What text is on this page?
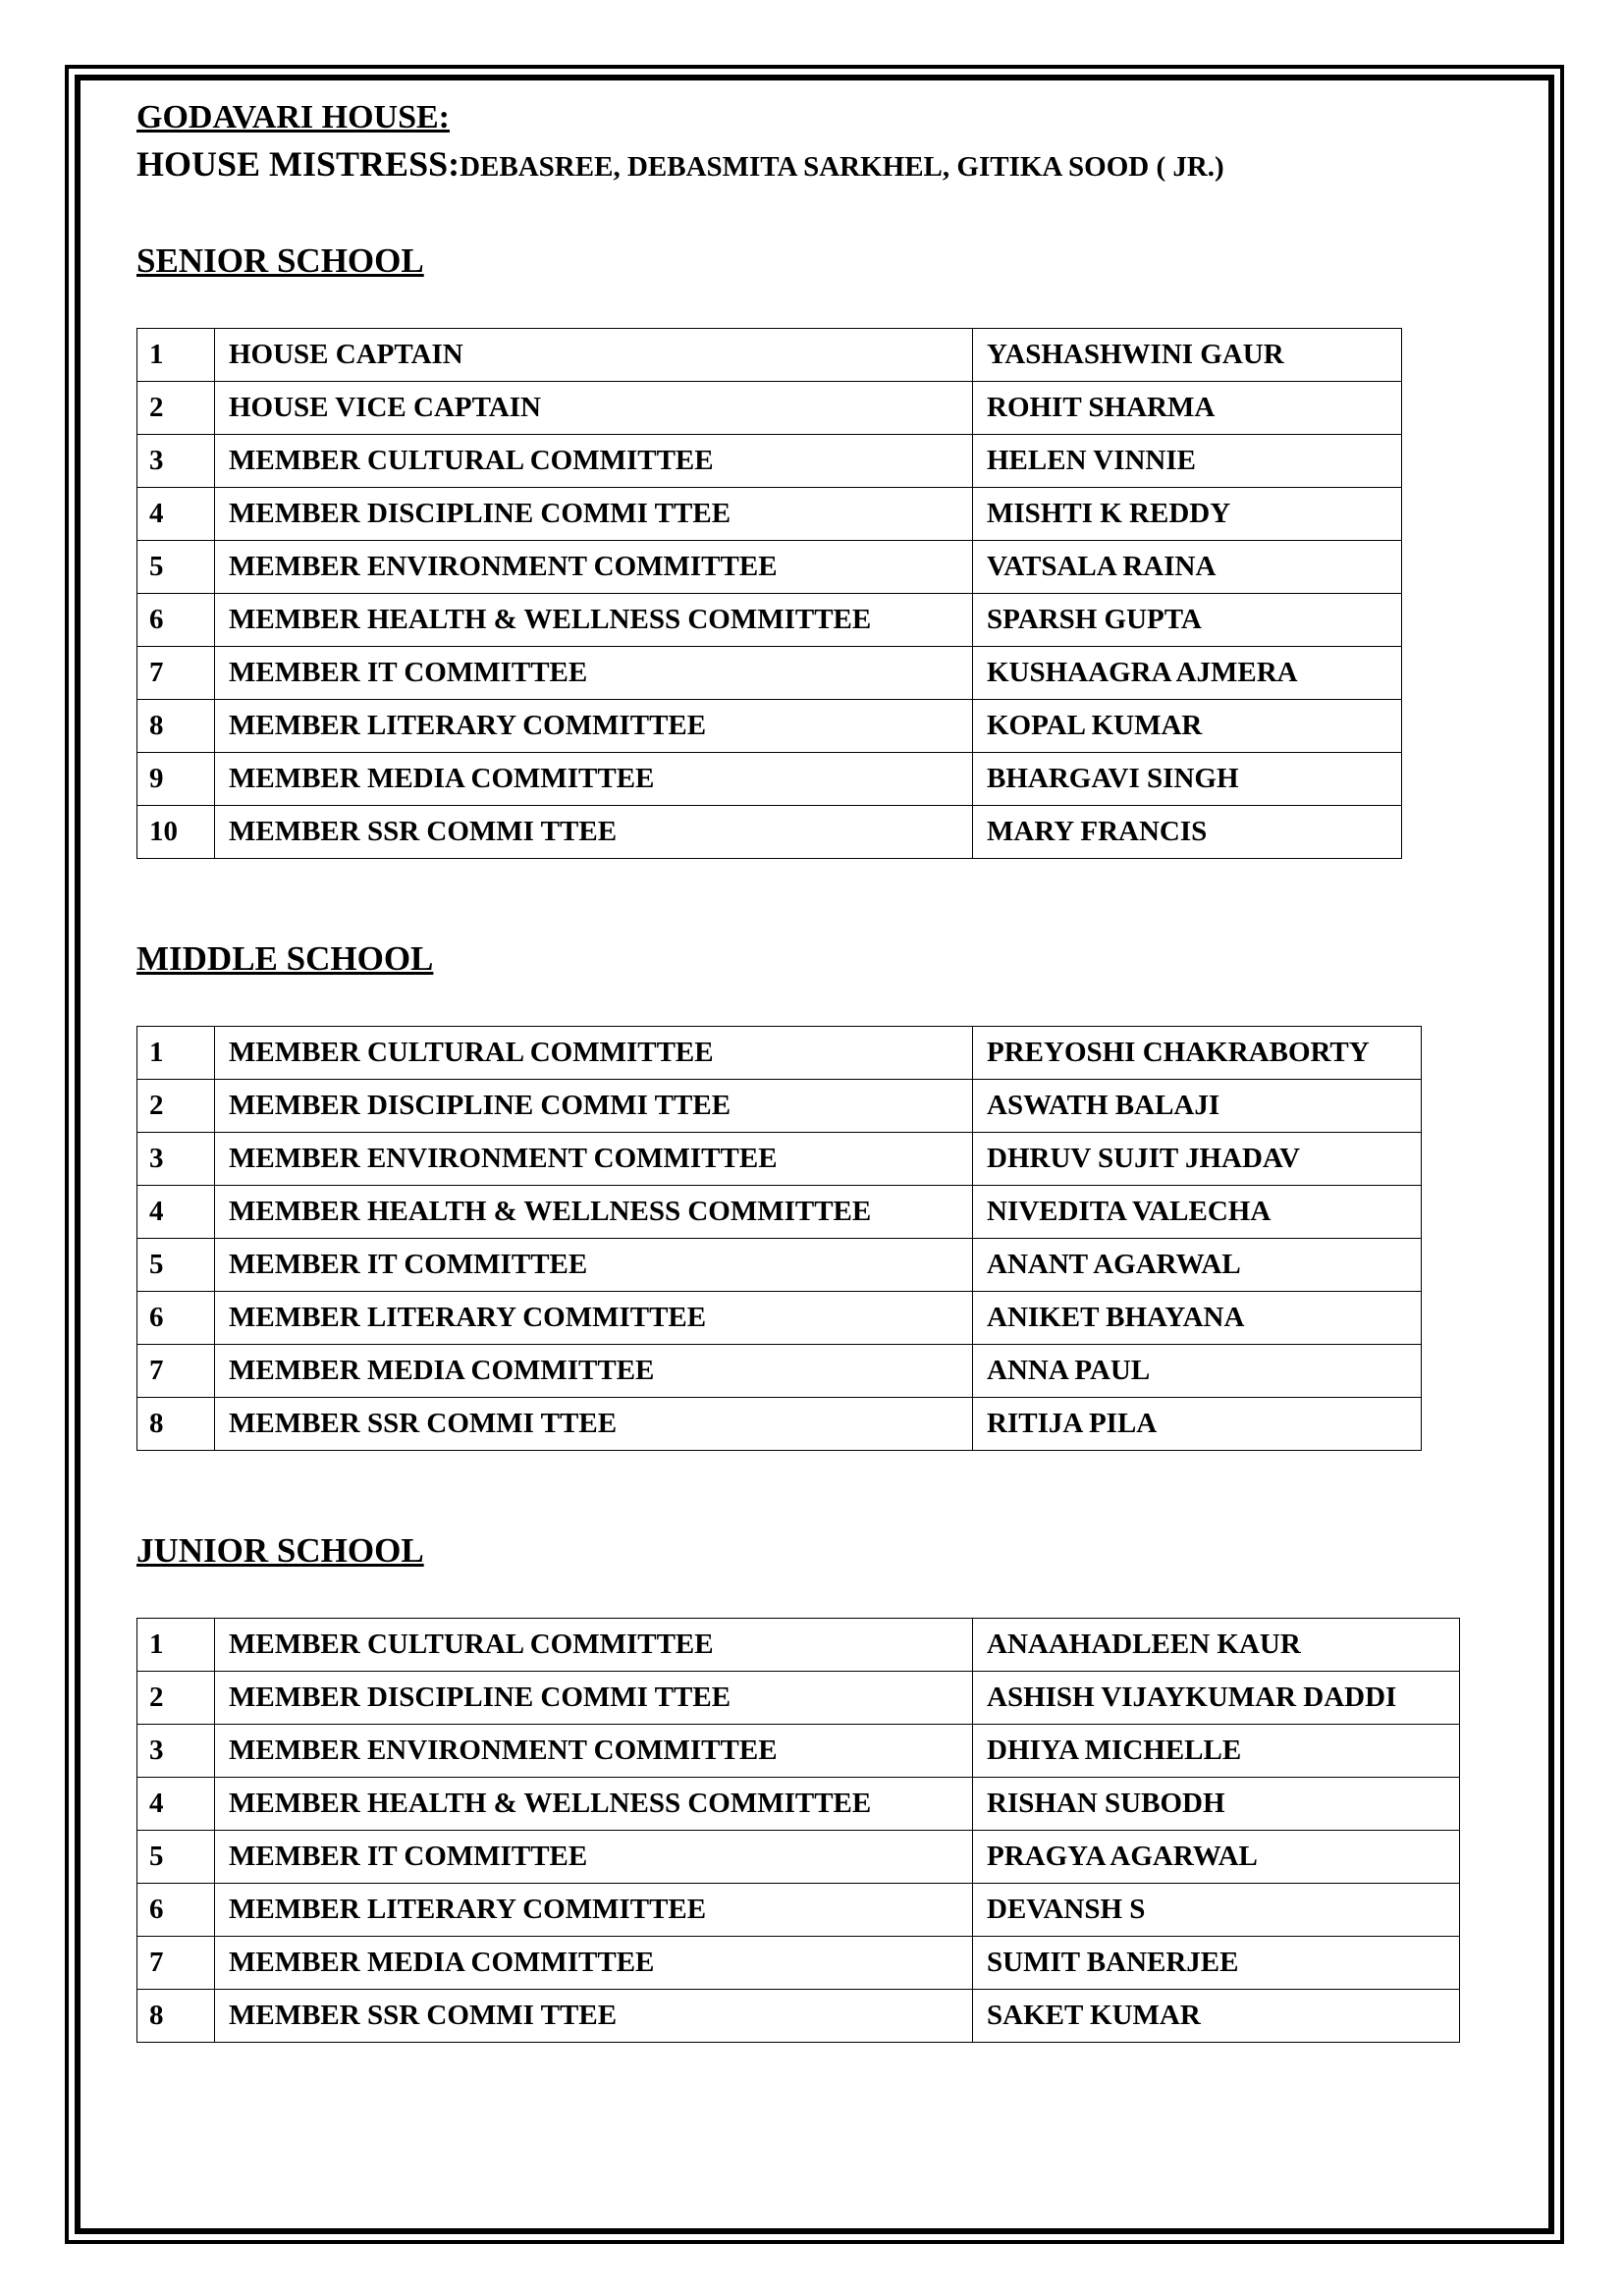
GODAVARI HOUSE:

HOUSE MISTRESS:DEBASREE, DEBASMITA SARKHEL, GITIKA SOOD ( JR.)

SENIOR SCHOOL

1	HOUSE CAPTAIN	YASHASHWINI GAUR
2	HOUSE VICE CAPTAIN	ROHIT SHARMA
3	MEMBER CULTURAL COMMITTEE	HELEN VINNIE
4	MEMBER DISCIPLINE COMMI TTEE	MISHTI K REDDY
5	MEMBER ENVIRONMENT COMMITTEE	VATSALA RAINA
6	MEMBER HEALTH & WELLNESS COMMITTEE	SPARSH GUPTA
7	MEMBER IT COMMITTEE	KUSHAAGRA AJMERA
8	MEMBER LITERARY COMMITTEE	KOPAL KUMAR
9	MEMBER MEDIA COMMITTEE	BHARGAVI SINGH
10	MEMBER SSR COMMI TTEE	MARY FRANCIS

MIDDLE SCHOOL

1	MEMBER CULTURAL COMMITTEE	PREYOSHI CHAKRABORTY
2	MEMBER DISCIPLINE COMMI TTEE	ASWATH BALAJI
3	MEMBER ENVIRONMENT COMMITTEE	DHRUV SUJIT JHADAV
4	MEMBER HEALTH & WELLNESS COMMITTEE	NIVEDITA VALECHA
5	MEMBER IT COMMITTEE	ANANT AGARWAL
6	MEMBER LITERARY COMMITTEE	ANIKET BHAYANA
7	MEMBER MEDIA COMMITTEE	ANNA PAUL
8	MEMBER SSR COMMI TTEE	RITIJA PILA

JUNIOR SCHOOL

1	MEMBER CULTURAL COMMITTEE	ANAAHADLEEN KAUR
2	MEMBER DISCIPLINE COMMI TTEE	ASHISH VIJAYKUMAR DADDI
3	MEMBER ENVIRONMENT COMMITTEE	DHIYA MICHELLE
4	MEMBER HEALTH & WELLNESS COMMITTEE	RISHAN SUBODH
5	MEMBER IT COMMITTEE	PRAGYA AGARWAL
6	MEMBER LITERARY COMMITTEE	DEVANSH S
7	MEMBER MEDIA COMMITTEE	SUMIT BANERJEE
8	MEMBER SSR COMMI TTEE	SAKET KUMAR
